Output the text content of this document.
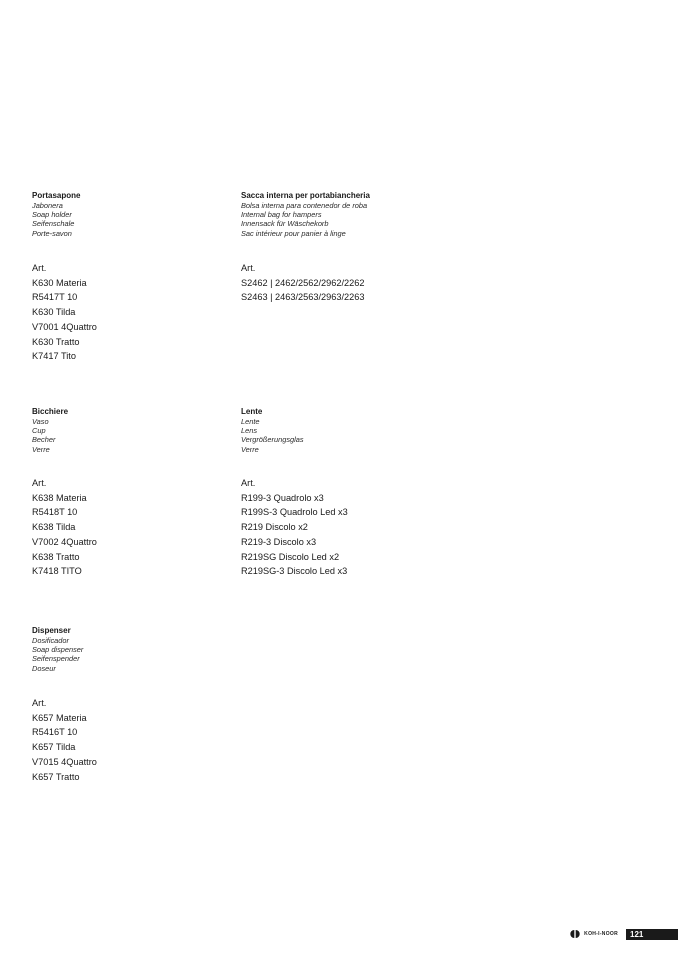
Portasapone
Jabonera
Soap holder
Seifenschale
Porte-savon
Art.
K630 Materia
R5417T 10
K630 Tilda
V7001 4Quattro
K630 Tratto
K7417 Tito
Sacca interna per portabiancheria
Bolsa interna para contenedor de roba
Internal bag for hampers
Innensack für Wäschekorb
Sac intérieur pour panier à linge
Art.
S2462 | 2462/2562/2962/2262
S2463 | 2463/2563/2963/2263
Bicchiere
Vaso
Cup
Becher
Verre
Art.
K638 Materia
R5418T 10
K638 Tilda
V7002 4Quattro
K638 Tratto
K7418 TITO
Lente
Lente
Lens
Vergrößerungsglas
Verre
Art.
R199-3 Quadrolo x3
R199S-3 Quadrolo Led x3
R219 Discolo x2
R219-3 Discolo x3
R219SG Discolo Led x2
R219SG-3 Discolo Led x3
Dispenser
Dosificador
Soap dispenser
Seifenspender
Doseur
Art.
K657 Materia
R5416T 10
K657 Tilda
V7015 4Quattro
K657 Tratto
KOH-I-NOOR	121
